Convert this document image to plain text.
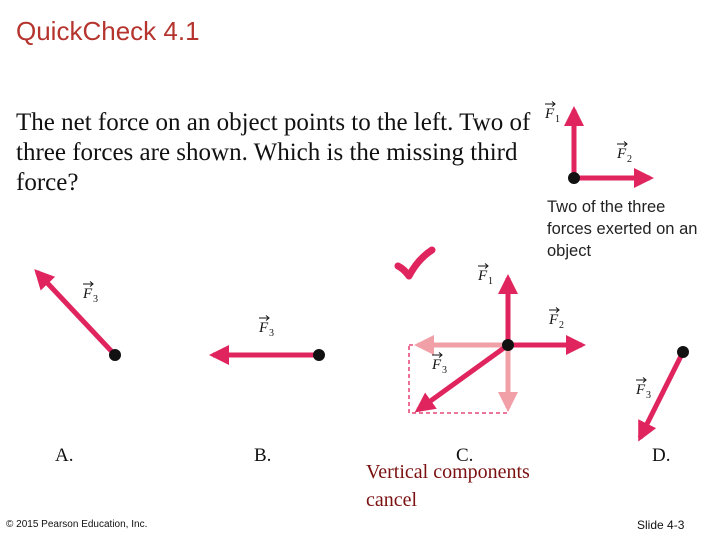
QuickCheck 4.1
The net force on an object points to the left. Two of three forces are shown. Which is the missing third force?
F 1
F 2
F 3
F 3
F 1
F 2
F 3
F 3
Two of the three forces exerted on an object
A.	B.	C.	D.
Vertical components cancel
© 2015 Pearson Education, Inc.	Slide 4-3
